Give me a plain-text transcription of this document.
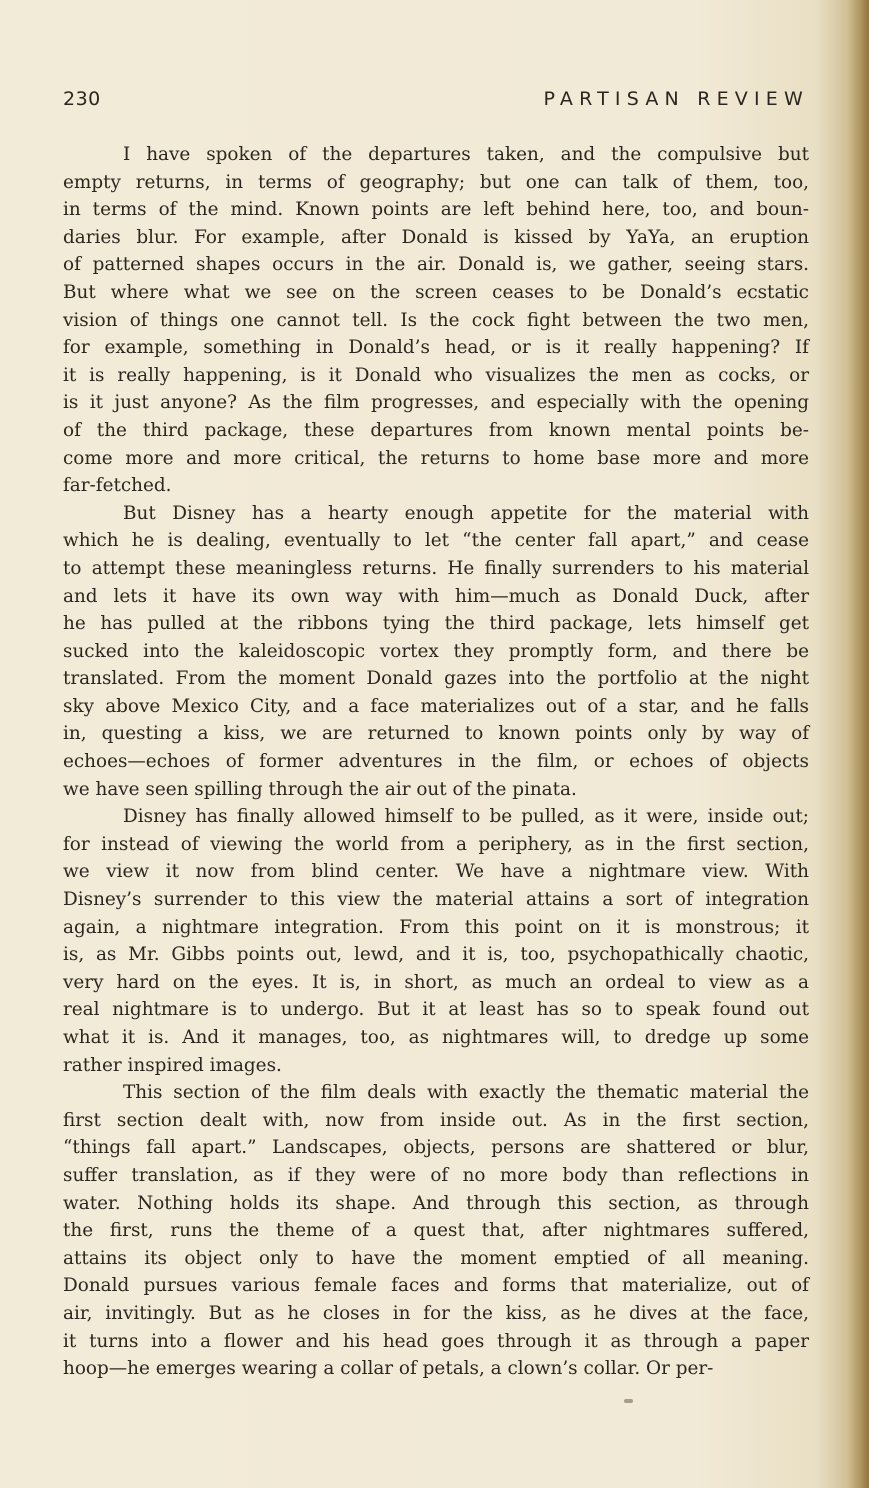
230	PARTISAN REVIEW
I have spoken of the departures taken, and the compulsive but
empty returns, in terms of geography; but one can talk of them, too,
in terms of the mind. Known points are left behind here, too, and boun-
daries blur. For example, after Donald is kissed by YaYa, an eruption
of patterned shapes occurs in the air. Donald is, we gather, seeing stars.
But where what we see on the screen ceases to be Donald’s ecstatic
vision of things one cannot tell. Is the cock fight between the two men,
for example, something in Donald’s head, or is it really happening? If
it is really happening, is it Donald who visualizes the men as cocks, or
is it just anyone? As the film progresses, and especially with the opening
of the third package, these departures from known mental points be-
come more and more critical, the returns to home base more and more
far-fetched.
But Disney has a hearty enough appetite for the material with
which he is dealing, eventually to let “the center fall apart,” and cease
to attempt these meaningless returns. He finally surrenders to his material
and lets it have its own way with him—much as Donald Duck, after
he has pulled at the ribbons tying the third package, lets himself get
sucked into the kaleidoscopic vortex they promptly form, and there be
translated. From the moment Donald gazes into the portfolio at the night
sky above Mexico City, and a face materializes out of a star, and he falls
in, questing a kiss, we are returned to known points only by way of
echoes—echoes of former adventures in the film, or echoes of objects
we have seen spilling through the air out of the pinata.
Disney has finally allowed himself to be pulled, as it were, inside out;
for instead of viewing the world from a periphery, as in the first section,
we view it now from blind center. We have a nightmare view. With
Disney’s surrender to this view the material attains a sort of integration
again, a nightmare integration. From this point on it is monstrous; it
is, as Mr. Gibbs points out, lewd, and it is, too, psychopathically chaotic,
very hard on the eyes. It is, in short, as much an ordeal to view as a
real nightmare is to undergo. But it at least has so to speak found out
what it is. And it manages, too, as nightmares will, to dredge up some
rather inspired images.
This section of the film deals with exactly the thematic material the
first section dealt with, now from inside out. As in the first section,
“things fall apart.” Landscapes, objects, persons are shattered or blur,
suffer translation, as if they were of no more body than reflections in
water. Nothing holds its shape. And through this section, as through
the first, runs the theme of a quest that, after nightmares suffered,
attains its object only to have the moment emptied of all meaning.
Donald pursues various female faces and forms that materialize, out of
air, invitingly. But as he closes in for the kiss, as he dives at the face,
it turns into a flower and his head goes through it as through a paper
hoop—he emerges wearing a collar of petals, a clown’s collar. Or per-
